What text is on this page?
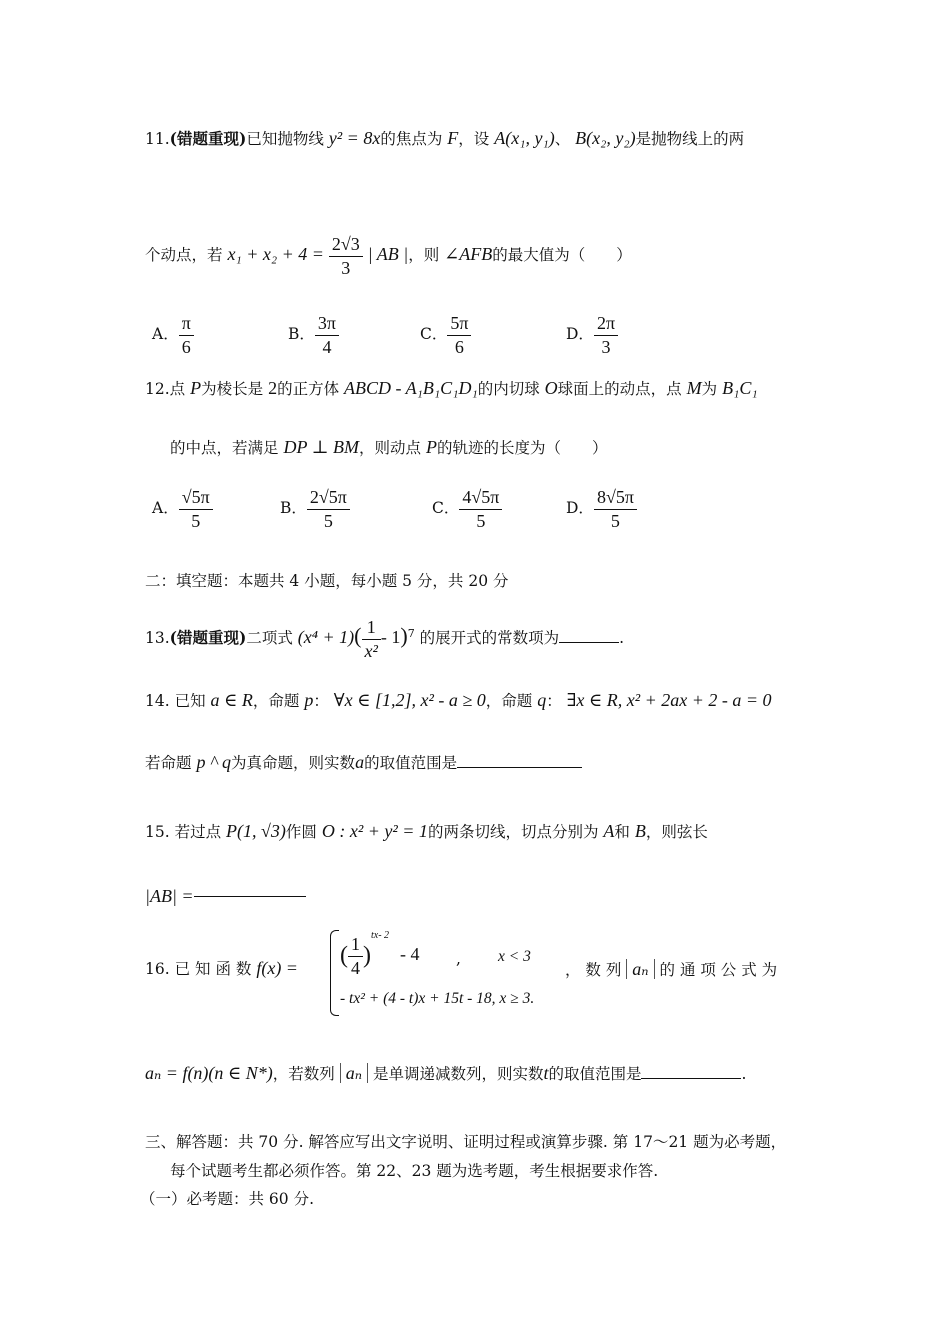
11.(错题重现)已知抛物线 y² = 8x的焦点为 F，设 A(x₁, y₁)、 B(x₂, y₂)是抛物线上的两
个动点，若 $x_1 + x_2 + 4 = \frac{2√3}{3}$ | AB |，则 ∠AFB的最大值为（　　）
A． $\frac{\pi}{6}$	B． $\frac{3\pi}{4}$	C． $\frac{5\pi}{6}$	D． $\frac{2\pi}{3}$
12.点 P为棱长是 2的正方体 ABCD - A₁B₁C₁D₁的内切球 O球面上的动点，点 M为 B₁C₁
的中点，若满足 DP ⊥ BM，则动点 P的轨迹的长度为（　　）
A． $\frac{√5\pi}{5}$	B． $\frac{2√5\pi}{5}$	C． $\frac{4√5\pi}{5}$	D． $\frac{8√5\pi}{5}$
二：填空题：本题共 4 小题，每小题 5 分，共 20 分
13.(错题重现)二项式 $(x^4 + 1)( \frac{1}{\text{x²}} - 1)^7$ 的展开式的常数项为	.
14. 已知 a ∈ R，命题 p： ∀x ∈ [1,2], x² - a ≥ 0，命题 q： ∃x ∈ R, x² + 2ax + 2 - a = 0
若命题 p ^ q为真命题，则实数a的取值范围是
15. 若过点 P(1, √3)作圆 O : x² + y² = 1的两条切线，切点分别为 A和 B，则弦长
|AB| =
16. 已 知 函 数 f(x) = ( $\frac{1}{4} )^{tx- 2} - 4$ , x < 3
- tx² + (4 - t)x + 15t - 18, x ≥ 3.
， 数 列 aₙ 的 通 项 公 式 为
aₙ = f(n)(n ∈ N*)，若数列 aₙ 是单调递减数列，则实数t的取值范围是	.
三、解答题：共 70 分. 解答应写出文字说明、证明过程或演算步骤. 第 17～21 题为必考题，
每个试题考生都必须作答。第 22、23 题为选考题，考生根据要求作答.
（一）必考题：共 60 分.
